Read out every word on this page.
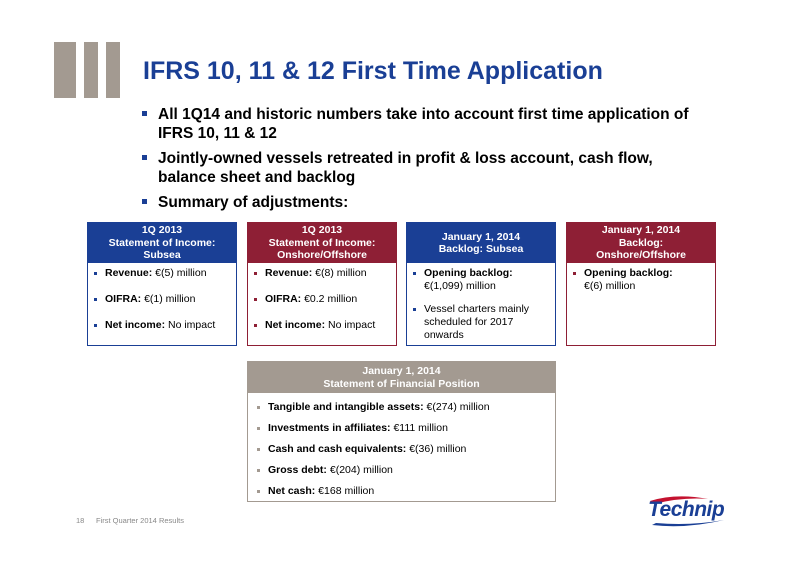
IFRS 10, 11 & 12 First Time Application
All 1Q14 and historic numbers take into account first time application of IFRS 10, 11 & 12
Jointly-owned vessels retreated in profit & loss account, cash flow, balance sheet and backlog
Summary of adjustments:
1Q 2013
Statement of Income:
Subsea
Revenue: €(5) million
OIFRA: €(1) million
Net income: No impact
1Q 2013
Statement of Income:
Onshore/Offshore
Revenue: €(8) million
OIFRA: €0.2 million
Net income: No impact
January 1, 2014
Backlog: Subsea
Opening backlog:
€(1,099) million
Vessel charters mainly scheduled for 2017 onwards
January 1, 2014
Backlog:
Onshore/Offshore
Opening backlog:
€(6) million
January 1, 2014
Statement of Financial Position
Tangible and intangible assets: €(274) million
Investments in affiliates: €111 million
Cash and cash equivalents: €(36) million
Gross debt: €(204) million
Net cash: €168 million
18 First Quarter 2014 Results	Technip
